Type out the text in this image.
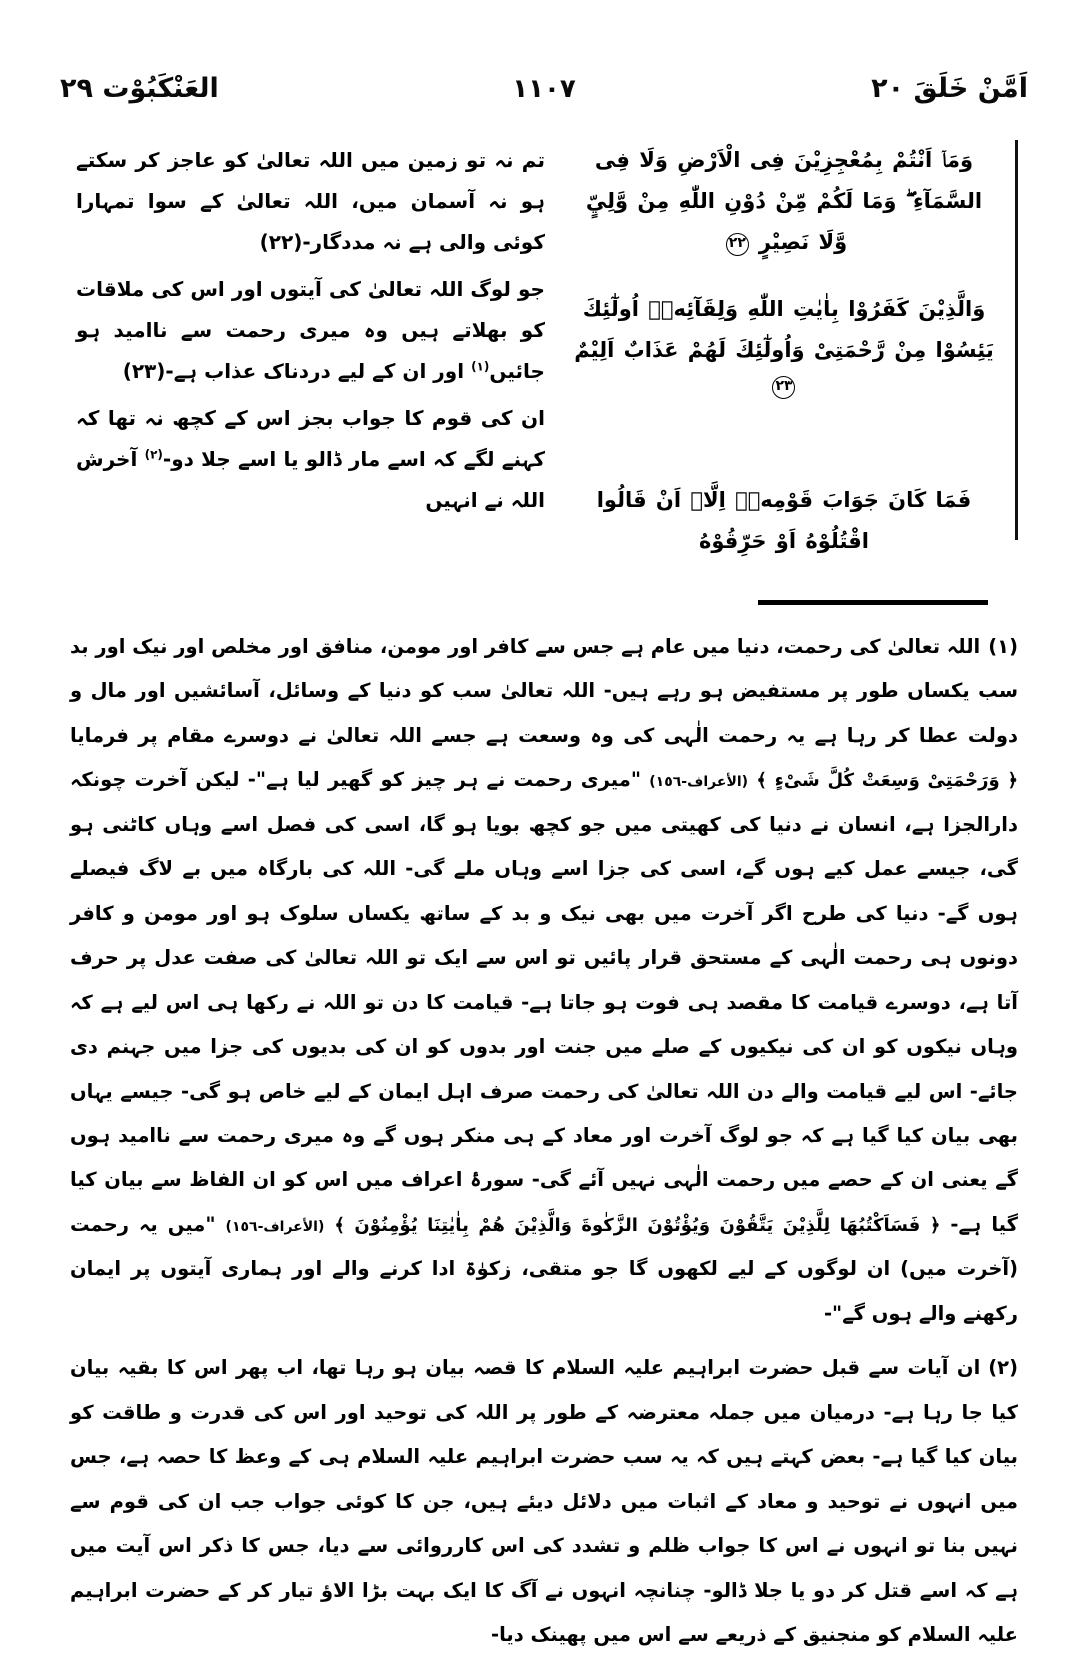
العَنْكَبُوْت ٢٩	١١٠٧	اَمَّنْ خَلَقَ ٢٠
وَمَاۤ اَنْتُمْ بِمُعْجِزِيْنَ فِى الْاَرْضِ وَلَا فِى السَّمَآءِ ۖ وَمَا لَكُمْ مِّنْ دُوْنِ اللّٰهِ مِنْ وَّلِيٍّ وَّلَا نَصِيْرٍ ٢٢
وَالَّذِيْنَ كَفَرُوْا بِاٰيٰتِ اللّٰهِ وَلِقَآئِهٖۤ اُولٰٓئِكَ يَئِسُوْا مِنْ رَّحْمَتِىْ وَاُولٰٓئِكَ لَهُمْ عَذَابٌ اَلِيْمٌ ٢٣
فَمَا كَانَ جَوَابَ قَوْمِهٖۤ اِلَّاۤ اَنْ قَالُوا اقْتُلُوْهُ اَوْ حَرِّقُوْهُ

تم نہ تو زمین میں اللہ تعالیٰ کو عاجز کر سکتے ہو نہ آسمان میں، اللہ تعالیٰ کے سوا تمہارا کوئی والی ہے نہ مددگار-(٢٢)

جو لوگ اللہ تعالیٰ کی آیتوں اور اس کی ملاقات کو بھلاتے ہیں وہ میری رحمت سے ناامید ہو جائیں$^{(١)}$ اور ان کے لیے دردناک عذاب ہے-(٢٣)

ان کی قوم کا جواب بجز اس کے کچھ نہ تھا کہ کہنے لگے کہ اسے مار ڈالو یا اسے جلا دو-$^{(٢)}$ آخرش اللہ نے انہیں

(١)اللہ تعالیٰ کی رحمت، دنیا میں عام ہے جس سے کافر اور مومن، منافق اور مخلص اور نیک اور بد سب یکساں طور پر مستفیض ہو رہے ہیں- اللہ تعالیٰ سب کو دنیا کے وسائل، آسائشیں اور مال و دولت عطا کر رہا ہے یہ رحمت الٰہی کی وہ وسعت ہے جسے اللہ تعالیٰ نے دوسرے مقام پر فرمایا ﴿ وَرَحْمَتِىْ وَسِعَتْ كُلَّ شَىْءٍ ﴾ (الأعراف-١٥٦) "میری رحمت نے ہر چیز کو گھیر لیا ہے"- لیکن آخرت چونکہ دارالجزا ہے، انسان نے دنیا کی کھیتی میں جو کچھ بویا ہو گا، اسی کی فصل اسے وہاں کاٹنی ہو گی، جیسے عمل کیے ہوں گے، اسی کی جزا اسے وہاں ملے گی- اللہ کی بارگاہ میں بے لاگ فیصلے ہوں گے- دنیا کی طرح اگر آخرت میں بھی نیک و بد کے ساتھ یکساں سلوک ہو اور مومن و کافر دونوں ہی رحمت الٰہی کے مستحق قرار پائیں تو اس سے ایک تو اللہ تعالیٰ کی صفت عدل پر حرف آتا ہے، دوسرے قیامت کا مقصد ہی فوت ہو جاتا ہے- قیامت کا دن تو اللہ نے رکھا ہی اس لیے ہے کہ وہاں نیکوں کو ان کی نیکیوں کے صلے میں جنت اور بدوں کو ان کی بدیوں کی جزا میں جہنم دی جائے- اس لیے قیامت والے دن اللہ تعالیٰ کی رحمت صرف اہل ایمان کے لیے خاص ہو گی- جیسے یہاں بھی بیان کیا گیا ہے کہ جو لوگ آخرت اور معاد کے ہی منکر ہوں گے وہ میری رحمت سے ناامید ہوں گے یعنی ان کے حصے میں رحمت الٰہی نہیں آئے گی- سورۂ اعراف میں اس کو ان الفاظ سے بیان کیا گیا ہے- ﴿ فَسَاَكْتُبُهَا لِلَّذِيْنَ يَتَّقُوْنَ وَيُؤْتُوْنَ الزَّكٰوةَ وَالَّذِيْنَ هُمْ بِاٰيٰتِنَا يُؤْمِنُوْنَ ﴾ (الأعراف-١٥٦) "میں یہ رحمت (آخرت میں) ان لوگوں کے لیے لکھوں گا جو متقی، زکوٰۃ ادا کرنے والے اور ہماری آیتوں پر ایمان رکھنے والے ہوں گے"-
(٢)ان آیات سے قبل حضرت ابراہیم علیہ السلام کا قصہ بیان ہو رہا تھا، اب پھر اس کا بقیہ بیان کیا جا رہا ہے- درمیان میں جملہ معترضہ کے طور پر اللہ کی توحید اور اس کی قدرت و طاقت کو بیان کیا گیا ہے- بعض کہتے ہیں کہ یہ سب حضرت ابراہیم علیہ السلام ہی کے وعظ کا حصہ ہے، جس میں انہوں نے توحید و معاد کے اثبات میں دلائل دیئے ہیں، جن کا کوئی جواب جب ان کی قوم سے نہیں بنا تو انہوں نے اس کا جواب ظلم و تشدد کی اس کارروائی سے دیا، جس کا ذکر اس آیت میں ہے کہ اسے قتل کر دو یا جلا ڈالو- چنانچہ انہوں نے آگ کا ایک بہت بڑا الاؤ تیار کر کے حضرت ابراہیم علیہ السلام کو منجنیق کے ذریعے سے اس میں پھینک دیا-
